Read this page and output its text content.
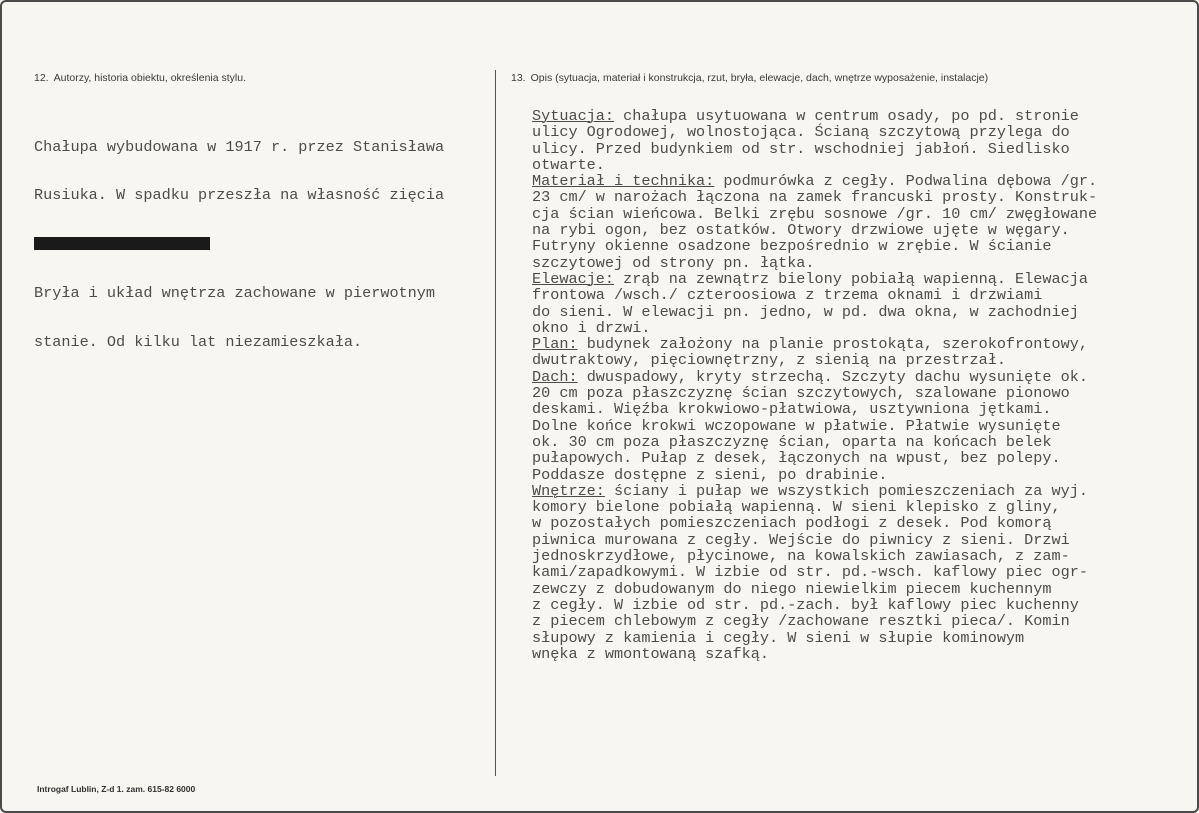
12. Autorzy, historia obiektu, określenia stylu.	13. Opis (sytuacja, materiał i konstrukcja, rzut, bryła, elewacje, dach, wnętrze wyposażenie, instalacje)

Chałupa wybudowana w 1917 r. przez Stanisława

Rusiuka. W spadku przeszła na własność zięcia

Bryła i układ wnętrza zachowane w pierwotnym

stanie. Od kilku lat niezamieszkała.

Sytuacja: chałupa usytuowana w centrum osady, po pd. stronie
ulicy Ogrodowej, wolnostojąca. Ścianą szczytową przylega do
ulicy. Przed budynkiem od str. wschodniej jabłoń. Siedlisko
otwarte.
Materiał i technika: podmurówka z cegły. Podwalina dębowa /gr.
23 cm/ w narożach łączona na zamek francuski prosty. Konstruk-
cja ścian wieńcowa. Belki zrębu sosnowe /gr. 10 cm/ zwęgłowane
na rybi ogon, bez ostatków. Otwory drzwiowe ujęte w węgary.
Futryny okienne osadzone bezpośrednio w zrębie. W ścianie
szczytowej od strony pn. łątka.
Elewacje: zrąb na zewnątrz bielony pobiałą wapienną. Elewacja
frontowa /wsch./ czteroosiowa z trzema oknami i drzwiami
do sieni. W elewacji pn. jedno, w pd. dwa okna, w zachodniej
okno i drzwi.
Plan: budynek założony na planie prostokąta, szerokofrontowy,
dwutraktowy, pięciownętrzny, z sienią na przestrzał.
Dach: dwuspadowy, kryty strzechą. Szczyty dachu wysunięte ok.
20 cm poza płaszczyznę ścian szczytowych, szalowane pionowo
deskami. Więźba krokwiowo-płatwiowa, usztywniona jętkami.
Dolne końce krokwi wczopowane w płatwie. Płatwie wysunięte
ok. 30 cm poza płaszczyznę ścian, oparta na końcach belek
pułapowych. Pułap z desek, łączonych na wpust, bez polepy.
Poddasze dostępne z sieni, po drabinie.
Wnętrze: ściany i pułap we wszystkich pomieszczeniach za wyj.
komory bielone pobiałą wapienną. W sieni klepisko z gliny,
w pozostałych pomieszczeniach podłogi z desek. Pod komorą
piwnica murowana z cegły. Wejście do piwnicy z sieni. Drzwi
jednoskrzydłowe, płycinowe, na kowalskich zawiasach, z zam-
kami/zapadkowymi. W izbie od str. pd.-wsch. kaflowy piec ogr-
zewczy z dobudowanym do niego niewielkim piecem kuchennym
z cegły. W izbie od str. pd.-zach. był kaflowy piec kuchenny
z piecem chlebowym z cegły /zachowane resztki pieca/. Komin
słupowy z kamienia i cegły. W sieni w słupie kominowym
wnęka z wmontowaną szafką.
Introgaf Lublin, Z-d 1. zam. 615-82 6000
